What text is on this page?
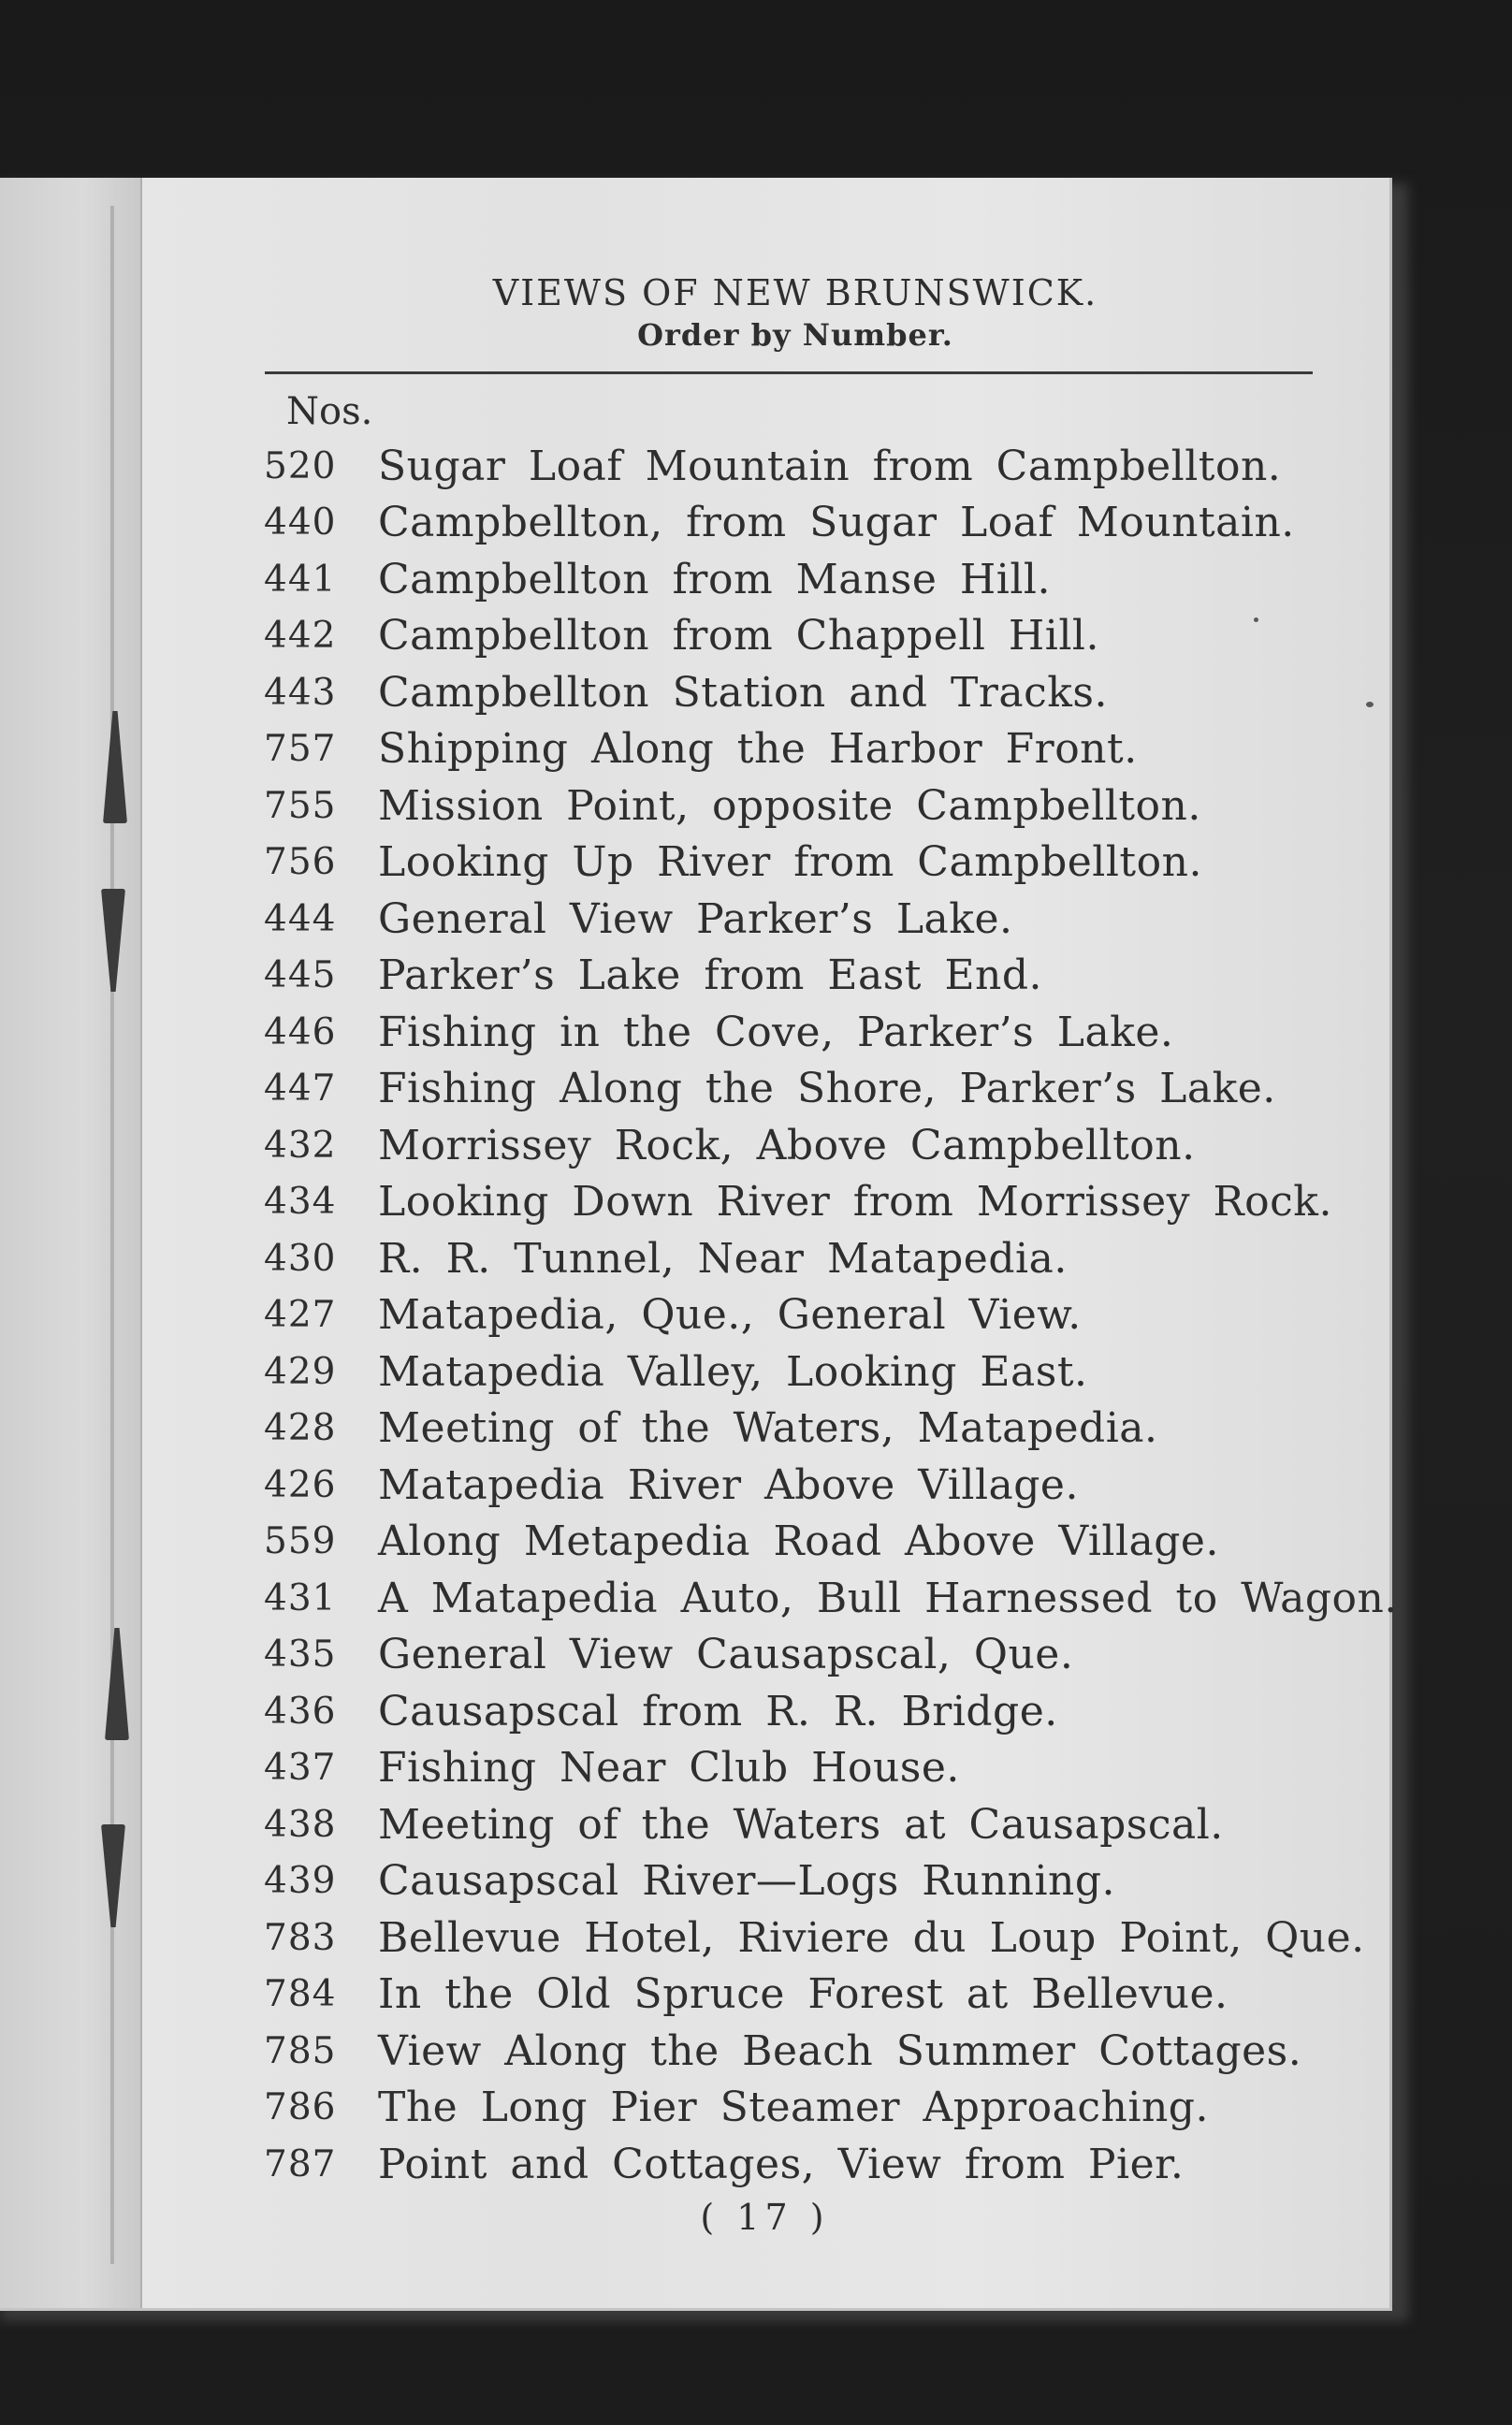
VIEWS OF NEW BRUNSWICK.
Order by Number.
Nos.
520	Sugar Loaf Mountain from Campbellton.
440	Campbellton, from Sugar Loaf Mountain.
441	Campbellton from Manse Hill.
442	Campbellton from Chappell Hill.
443	Campbellton Station and Tracks.
757	Shipping Along the Harbor Front.
755	Mission Point, opposite Campbellton.
756	Looking Up River from Campbellton.
444	General View Parker’s Lake.
445	Parker’s Lake from East End.
446	Fishing in the Cove, Parker’s Lake.
447	Fishing Along the Shore, Parker’s Lake.
432	Morrissey Rock, Above Campbellton.
434	Looking Down River from Morrissey Rock.
430	R. R. Tunnel, Near Matapedia.
427	Matapedia, Que., General View.
429	Matapedia Valley, Looking East.
428	Meeting of the Waters, Matapedia.
426	Matapedia River Above Village.
559	Along Metapedia Road Above Village.
431	A Matapedia Auto, Bull Harnessed to Wagon.
435	General View Causapscal, Que.
436	Causapscal from R. R. Bridge.
437	Fishing Near Club House.
438	Meeting of the Waters at Causapscal.
439	Causapscal River—Logs Running.
783	Bellevue Hotel, Riviere du Loup Point, Que.
784	In the Old Spruce Forest at Bellevue.
785	View Along the Beach Summer Cottages.
786	The Long Pier Steamer Approaching.
787	Point and Cottages, View from Pier.
( 17 )
